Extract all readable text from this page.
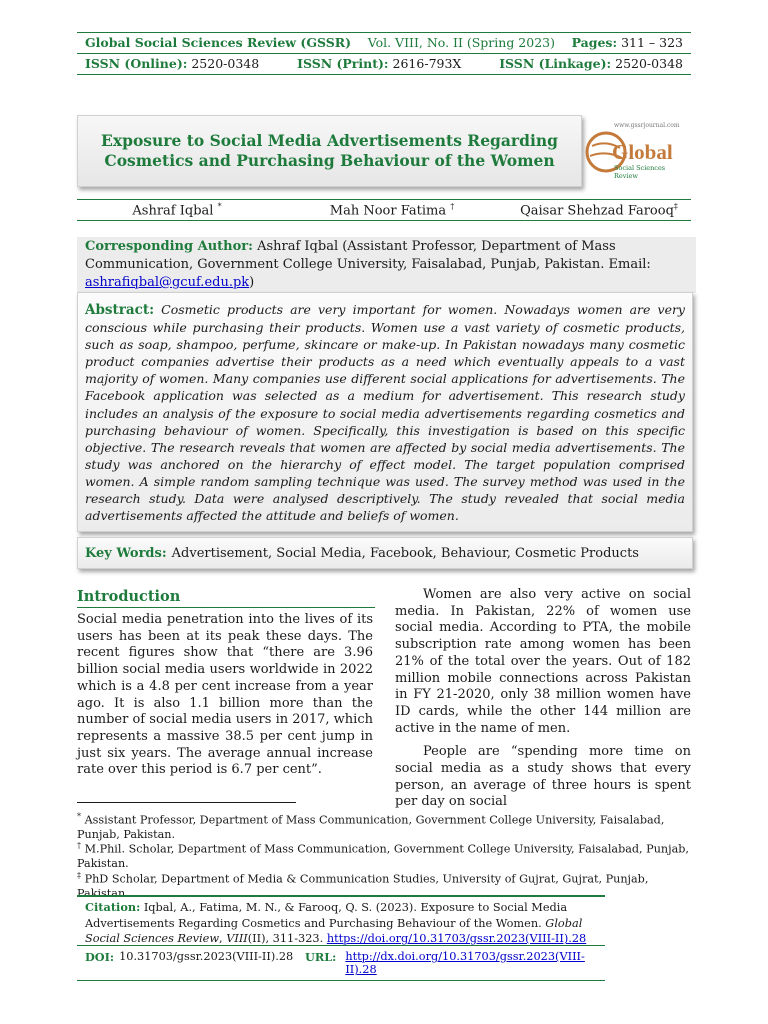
Global Social Sciences Review (GSSR) Vol. VIII, No. II (Spring 2023) Pages: 311 – 323
ISSN (Online): 2520-0348	ISSN (Print): 2616-793X	ISSN (Linkage): 2520-0348
Exposure to Social Media Advertisements Regarding
Cosmetics and Purchasing Behaviour of the Women
www.gssrjournal.com
Global
Social Sciences Review
Ashraf Iqbal *	Mah Noor Fatima †	Qaisar Shehzad Farooq‡
Corresponding Author: Ashraf Iqbal (Assistant Professor, Department of Mass Communication, Government College University, Faisalabad, Punjab, Pakistan. Email: ashrafiqbal@gcuf.edu.pk)
Abstract: Cosmetic products are very important for women. Nowadays women are very conscious while purchasing their products. Women use a vast variety of cosmetic products, such as soap, shampoo, perfume, skincare or make-up. In Pakistan nowadays many cosmetic product companies advertise their products as a need which eventually appeals to a vast majority of women. Many companies use different social applications for advertisements. The Facebook application was selected as a medium for advertisement. This research study includes an analysis of the exposure to social media advertisements regarding cosmetics and purchasing behaviour of women. Specifically, this investigation is based on this specific objective. The research reveals that women are affected by social media advertisements. The study was anchored on the hierarchy of effect model. The target population comprised women. A simple random sampling technique was used. The survey method was used in the research study. Data were analysed descriptively. The study revealed that social media advertisements affected the attitude and beliefs of women.
Key Words: Advertisement, Social Media, Facebook, Behaviour, Cosmetic Products
Introduction

Social media penetration into the lives of its users has been at its peak these days. The recent figures show that “there are 3.96 billion social media users worldwide in 2022 which is a 4.8 per cent increase from a year ago. It is also 1.1 billion more than the number of social media users in 2017, which represents a massive 38.5 per cent jump in just six years. The average annual increase rate over this period is 6.7 per cent”.

Women are also very active on social media. In Pakistan, 22% of women use social media. According to PTA, the mobile subscription rate among women has been 21% of the total over the years. Out of 182 million mobile connections across Pakistan in FY 21-2020, only 38 million women have ID cards, while the other 144 million are active in the name of men.

People are “spending more time on social media as a study shows that every person, an average of three hours is spent per day on social

* Assistant Professor, Department of Mass Communication, Government College University, Faisalabad, Punjab, Pakistan.
† M.Phil. Scholar, Department of Mass Communication, Government College University, Faisalabad, Punjab, Pakistan.
‡ PhD Scholar, Department of Media & Communication Studies, University of Gujrat, Gujrat, Punjab, Pakistan.
Citation: Iqbal, A., Fatima, M. N., & Farooq, Q. S. (2023). Exposure to Social Media Advertisements Regarding Cosmetics and Purchasing Behaviour of the Women. Global Social Sciences Review, VIII(II), 311-323. https://doi.org/10.31703/gssr.2023(VIII-II).28
DOI: 10.31703/gssr.2023(VIII-II).28	URL: http://dx.doi.org/10.31703/gssr.2023(VIII-II).28
